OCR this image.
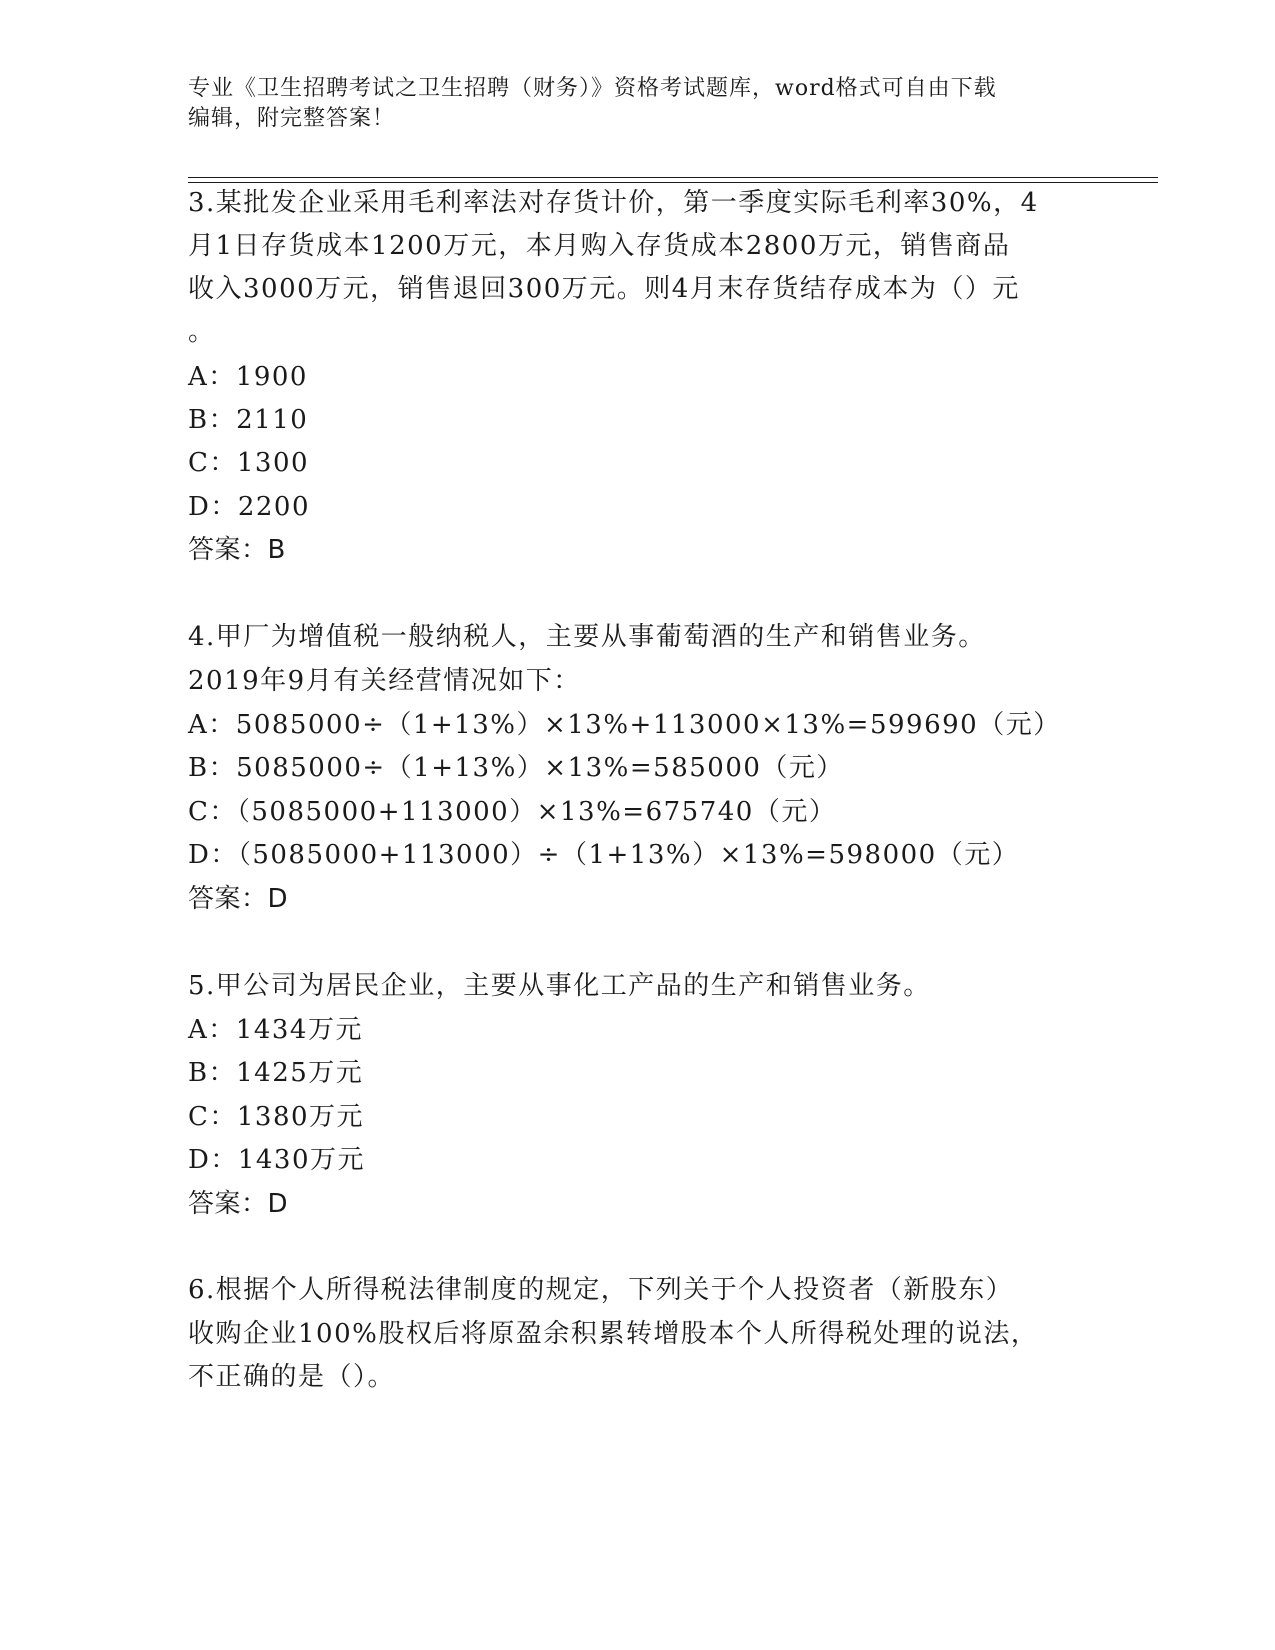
专业《卫生招聘考试之卫生招聘（财务）》资格考试题库，word格式可自由下载
编辑，附完整答案！
3.某批发企业采用毛利率法对存货计价，第一季度实际毛利率30%，4
月1日存货成本1200万元，本月购入存货成本2800万元，销售商品
收入3000万元，销售退回300万元。则4月末存货结存成本为（）元
。
A：1900
B：2110
C：1300
D：2200
答案：B
4.甲厂为增值税一般纳税人，主要从事葡萄酒的生产和销售业务。
2019年9月有关经营情况如下：
A：5085000÷（1+13%）×13%+113000×13%=599690（元）
B：5085000÷（1+13%）×13%=585000（元）
C：（5085000+113000）×13%=675740（元）
D：（5085000+113000）÷（1+13%）×13%=598000（元）
答案：D
5.甲公司为居民企业，主要从事化工产品的生产和销售业务。
A：1434万元
B：1425万元
C：1380万元
D：1430万元
答案：D
6.根据个人所得税法律制度的规定，下列关于个人投资者（新股东）
收购企业100%股权后将原盈余积累转增股本个人所得税处理的说法，
不正确的是（）。
